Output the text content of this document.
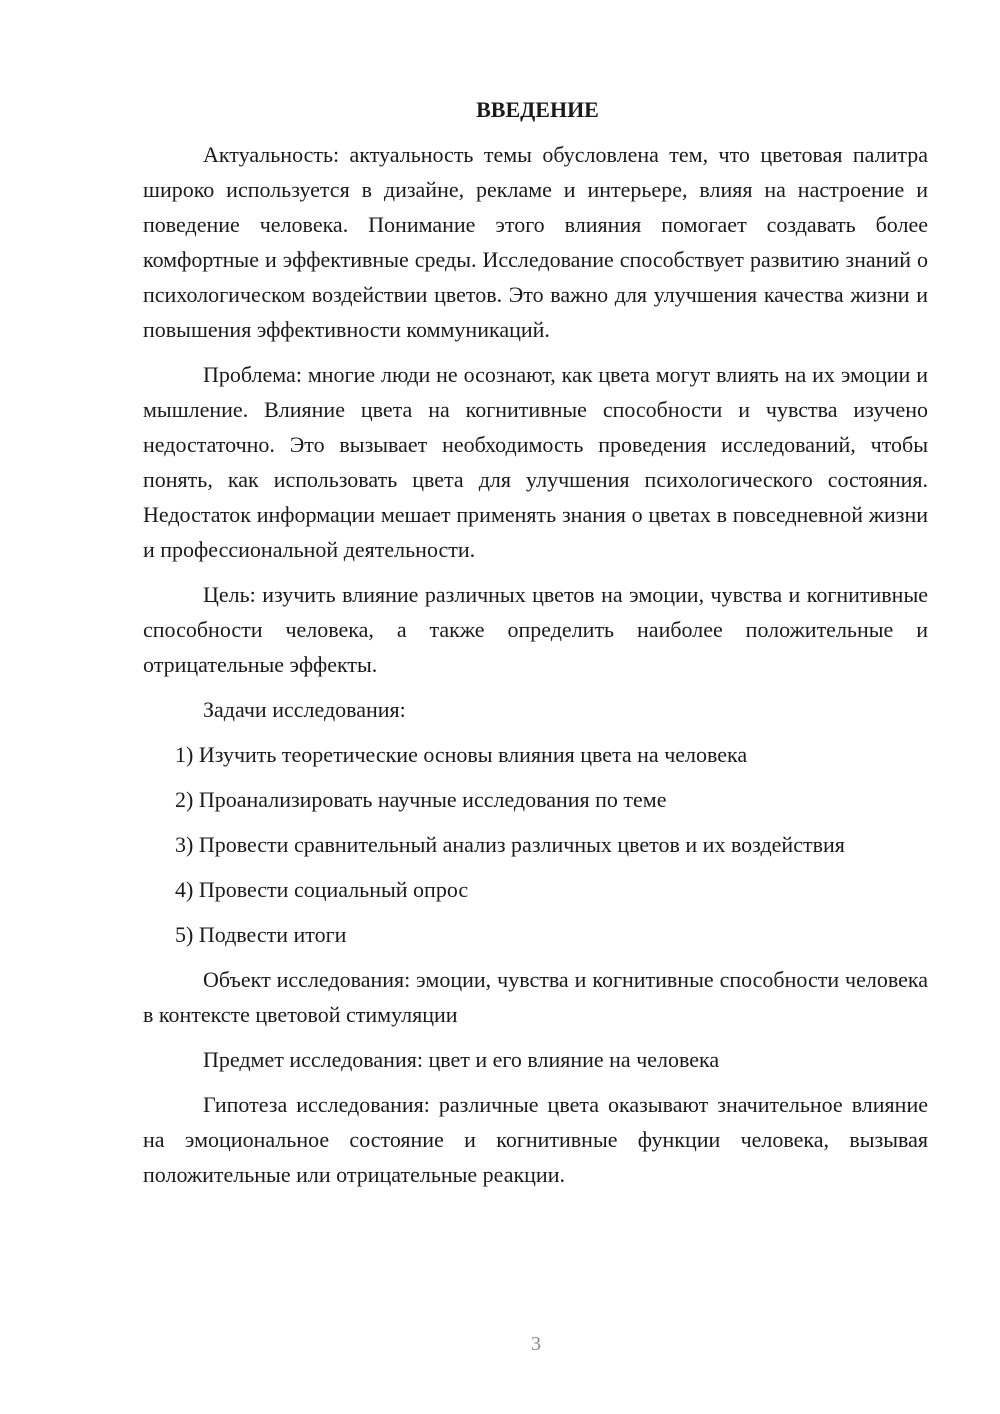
ВВЕДЕНИЕ

Актуальность: актуальность темы обусловлена тем, что цветовая палитра широко используется в дизайне, рекламе и интерьере, влияя на настроение и поведение человека. Понимание этого влияния помогает создавать более комфортные и эффективные среды. Исследование способствует развитию знаний о психологическом воздействии цветов. Это важно для улучшения качества жизни и повышения эффективности коммуникаций.

Проблема: многие люди не осознают, как цвета могут влиять на их эмоции и мышление. Влияние цвета на когнитивные способности и чувства изучено недостаточно. Это вызывает необходимость проведения исследований, чтобы понять, как использовать цвета для улучшения психологического состояния. Недостаток информации мешает применять знания о цветах в повседневной жизни и профессиональной деятельности.

Цель: изучить влияние различных цветов на эмоции, чувства и когнитивные способности человека, а также определить наиболее положительные и отрицательные эффекты.

Задачи исследования:

1) Изучить теоретические основы влияния цвета на человека

2) Проанализировать научные исследования по теме

3) Провести сравнительный анализ различных цветов и их воздействия

4) Провести социальный опрос

5) Подвести итоги

Объект исследования: эмоции, чувства и когнитивные способности человека в контексте цветовой стимуляции

Предмет исследования: цвет и его влияние на человека

Гипотеза исследования: различные цвета оказывают значительное влияние на эмоциональное состояние и когнитивные функции человека, вызывая положительные или отрицательные реакции.

3
